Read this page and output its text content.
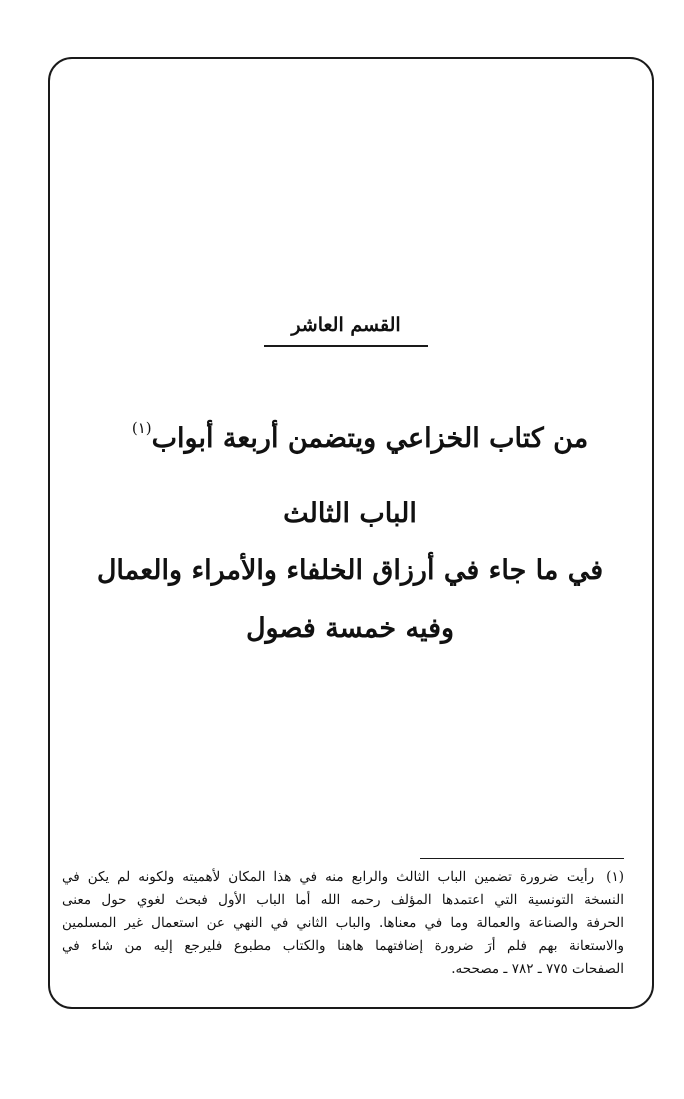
القسم العاشر
من كتاب الخزاعي ويتضمن أربعة أبواب$^{(١)}$
الباب الثالث
في ما جاء في أرزاق الخلفاء والأمراء والعمال
وفيه خمسة فصول
(١) رأيت ضرورة تضمين الباب الثالث والرابع منه في هذا المكان لأهميته ولكونه لم يكن في
النسخة التونسية التي اعتمدها المؤلف رحمه الله أما الباب الأول فبحث لغوي حول معنى
الحرفة والصناعة والعمالة وما في معناها. والباب الثاني في النهي عن استعمال غير المسلمين
والاستعانة بهم فلم أرَ ضرورة إضافتهما هاهنا والكتاب مطبوع فليرجع إليه من شاء في
الصفحات ٧٧٥ ـ ٧٨٢ ـ مصححه.
